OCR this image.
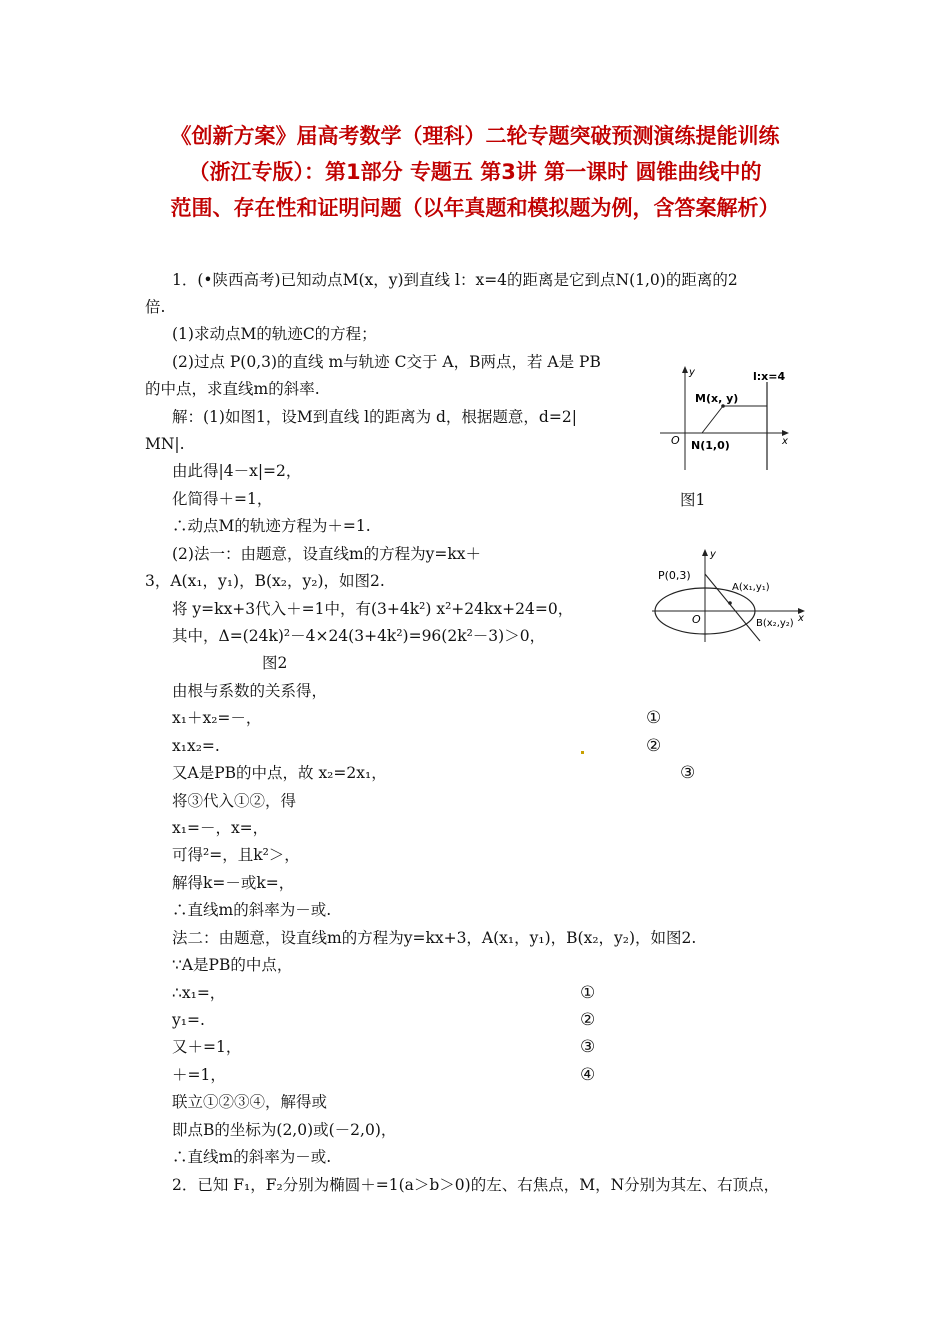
《创新方案》届高考数学（理科）二轮专题突破预测演练提能训练
（浙江专版）：第1部分 专题五 第3讲 第一课时 圆锥曲线中的
范围、存在性和证明问题（以年真题和模拟题为例，含答案解析）
1．(•陕西高考)已知动点M(x，y)到直线 l：x=4的距离是它到点N(1,0)的距离的2
倍.
(1)求动点M的轨迹C的方程；
(2)过点 P(0,3)的直线 m与轨迹 C交于 A，B两点，若 A是 PB
的中点，求直线m的斜率.
解：(1)如图1，设M到直线 l的距离为 d，根据题意，d=2|
MN|.
由此得|4－x|=2，
化简得＋=1，
∴动点M的轨迹方程为＋=1.
(2)法一：由题意，设直线m的方程为y=kx＋
3，A(x₁，y₁)，B(x₂，y₂)，如图2.
将 y=kx+3代入＋=1中，有(3+4k²) x²+24kx+24=0，
其中，Δ=(24k)²－4×24(3+4k²)=96(2k²－3)＞0，
图2
由根与系数的关系得，
x₁＋x₂=－，
x₁x₂=.
又A是PB的中点，故 x₂=2x₁，
将③代入①②，得
x₁=－，x=，
可得²=，且k²＞，
解得k=－或k=，
∴直线m的斜率为－或.
法二：由题意，设直线m的方程为y=kx+3，A(x₁，y₁)，B(x₂，y₂)，如图2.
∵A是PB的中点，
∴x₁=，
y₁=.
又＋=1，
＋=1，
联立①②③④，解得或
即点B的坐标为(2,0)或(－2,0)，
∴直线m的斜率为－或.
2．已知 F₁，F₂分别为椭圆＋=1(a＞b＞0)的左、右焦点，M，N分别为其左、右顶点，
①
②
③
①
②
③
④
y
x
O
M(x, y)
N(1,0)
l:x=4
图1
y
x
O
P(0,3)
A(x₁,y₁)
B(x₂,y₂)
